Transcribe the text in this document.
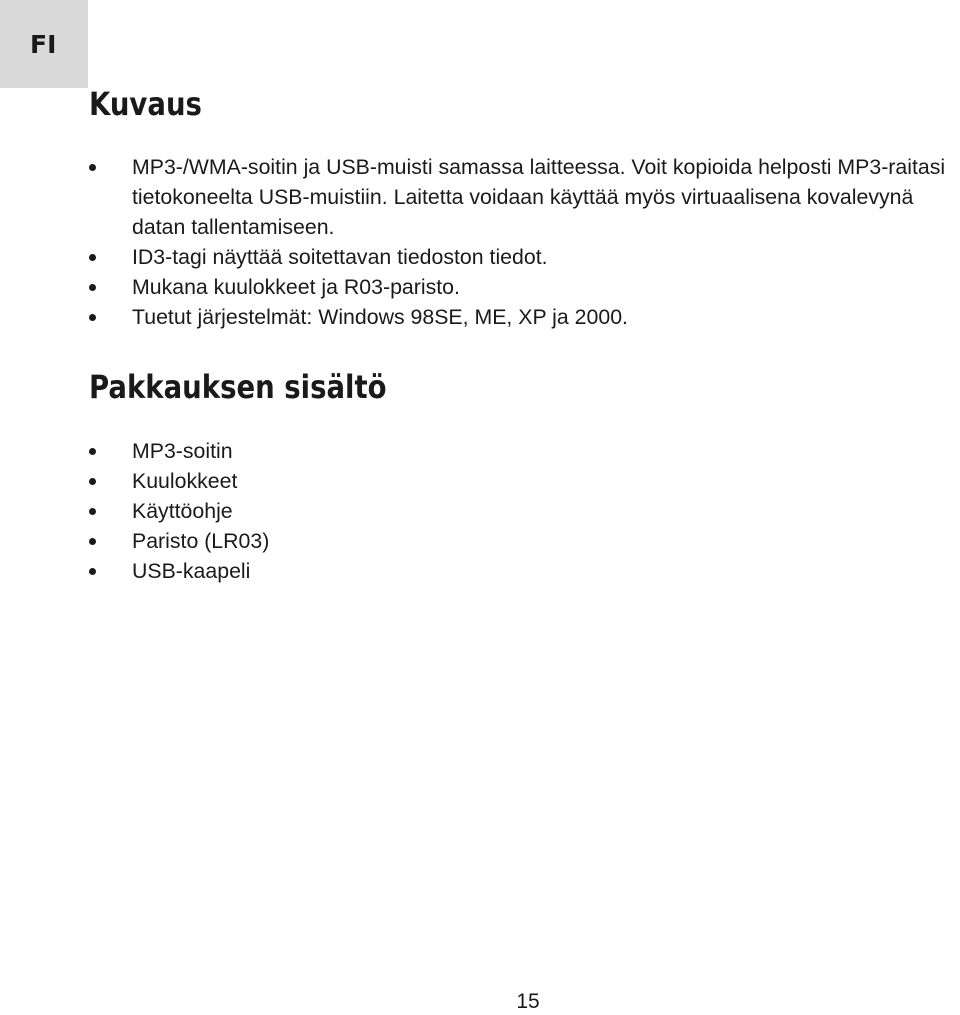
FI
Kuvaus
MP3-/WMA-soitin ja USB-muisti samassa laitteessa. Voit kopioida helposti MP3-raitasi tietokoneelta USB-muistiin. Laitetta voidaan käyttää myös virtuaalisena kovalevynä datan tallentamiseen.
ID3-tagi näyttää soitettavan tiedoston tiedot.
Mukana kuulokkeet ja R03-paristo.
Tuetut järjestelmät: Windows 98SE, ME, XP ja 2000.
Pakkauksen sisältö
MP3-soitin
Kuulokkeet
Käyttöohje
Paristo (LR03)
USB-kaapeli
15
